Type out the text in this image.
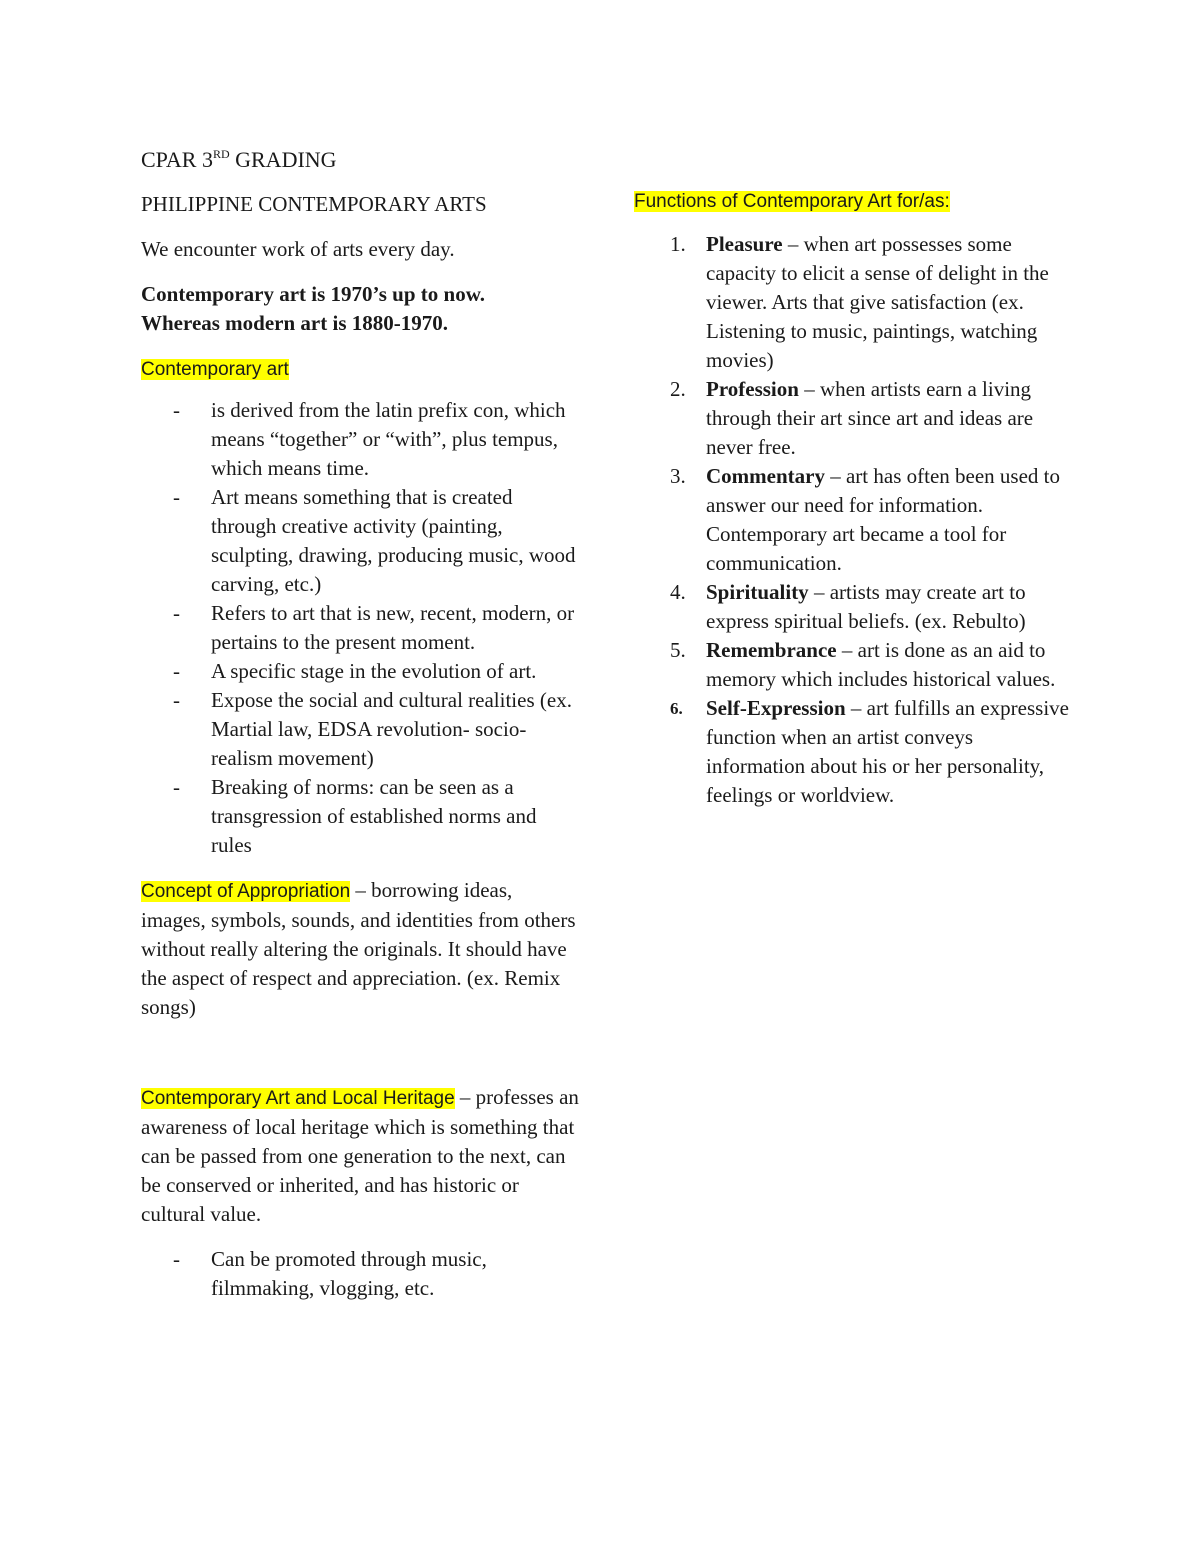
CPAR 3RD GRADING

PHILIPPINE CONTEMPORARY ARTS

We encounter work of arts every day.

Contemporary art is 1970’s up to now.

Whereas modern art is 1880-1970.

Contemporary art

- is derived from the latin prefix con, which means “together” or “with”, plus tempus, which means time.
- Art means something that is created through creative activity (painting, sculpting, drawing, producing music, wood carving, etc.)
- Refers to art that is new, recent, modern, or pertains to the present moment.
- A specific stage in the evolution of art.
- Expose the social and cultural realities (ex. Martial law, EDSA revolution- socio-realism movement)
- Breaking of norms: can be seen as a transgression of established norms and rules

Concept of Appropriation – borrowing ideas, images, symbols, sounds, and identities from others without really altering the originals. It should have the aspect of respect and appreciation. (ex. Remix songs)

Contemporary Art and Local Heritage – professes an awareness of local heritage which is something that can be passed from one generation to the next, can be conserved or inherited, and has historic or cultural value.

- Can be promoted through music, filmmaking, vlogging, etc.

Functions of Contemporary Art for/as:

1. Pleasure – when art possesses some capacity to elicit a sense of delight in the viewer. Arts that give satisfaction (ex. Listening to music, paintings, watching movies)
2. Profession – when artists earn a living through their art since art and ideas are never free.
3. Commentary – art has often been used to answer our need for information. Contemporary art became a tool for communication.
4. Spirituality – artists may create art to express spiritual beliefs. (ex. Rebulto)
5. Remembrance – art is done as an aid to memory which includes historical values.
6. Self-Expression – art fulfills an expressive function when an artist conveys information about his or her personality, feelings or worldview.
